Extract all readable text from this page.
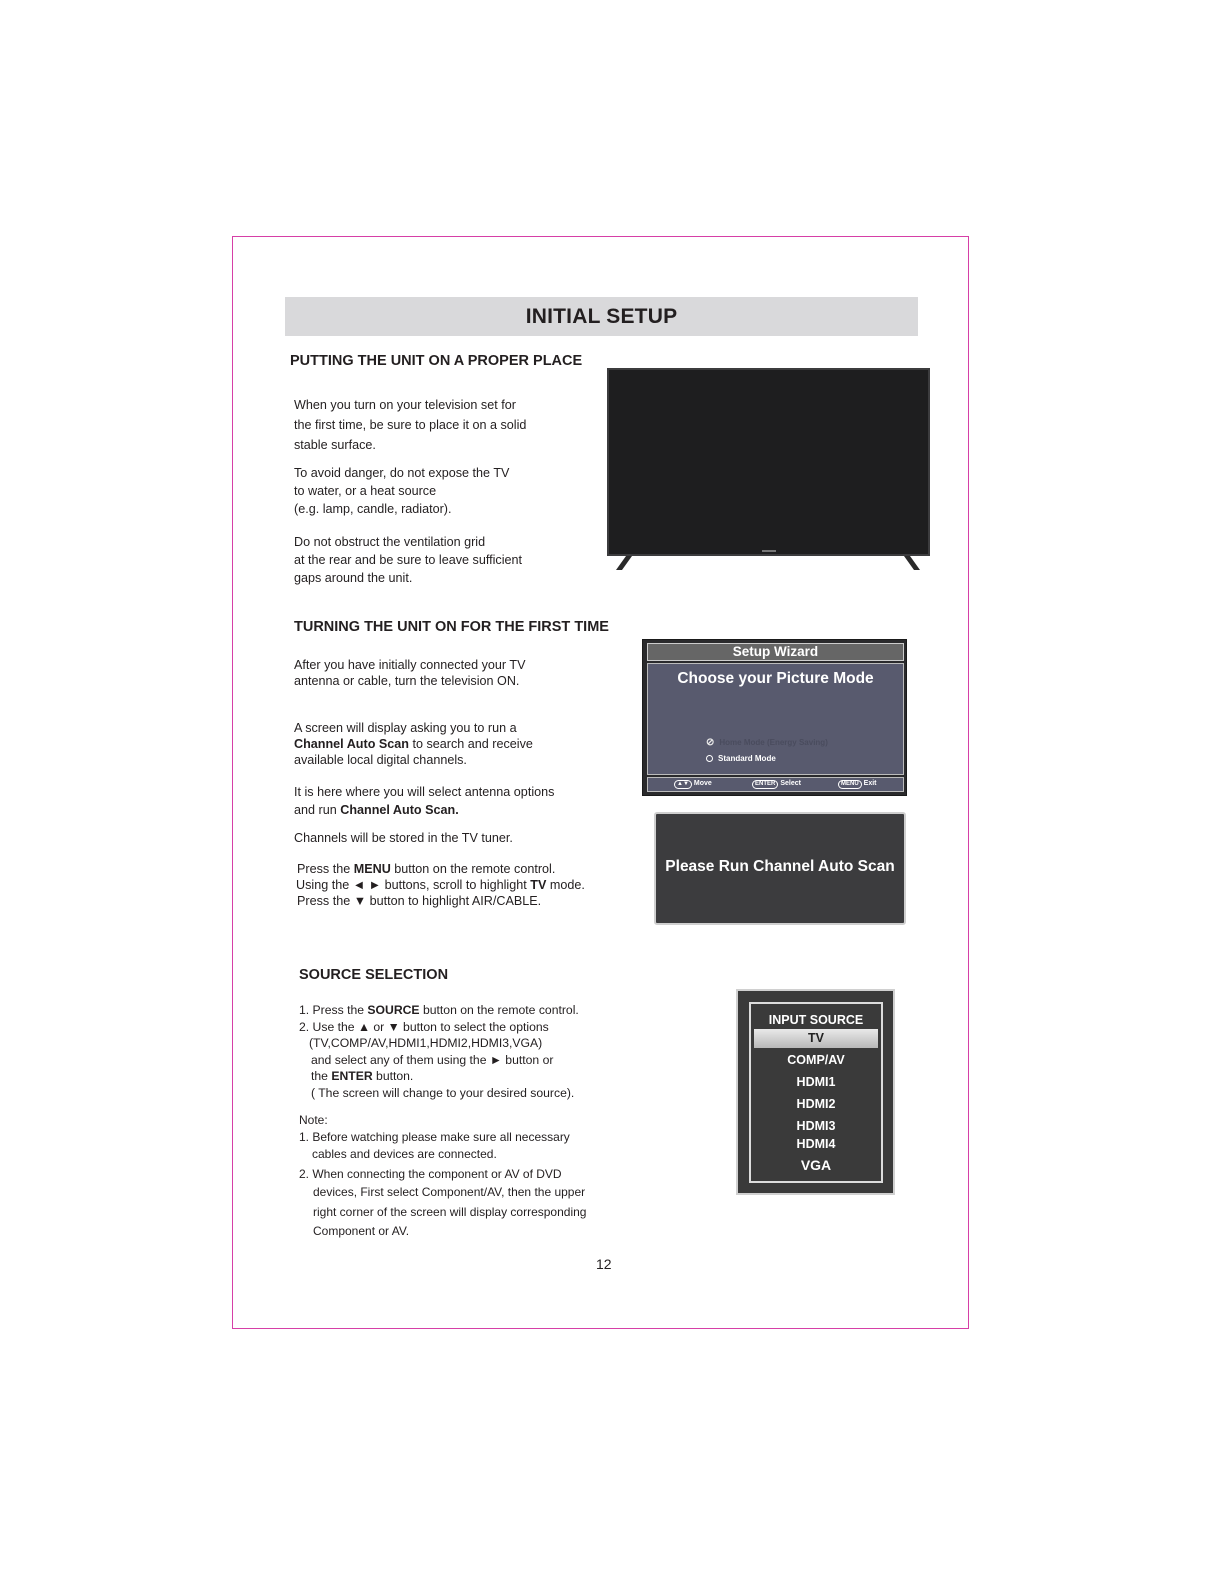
INITIAL SETUP
PUTTING THE UNIT ON A PROPER PLACE
When you turn on your television set for
the first time, be sure to place it on a solid
stable surface.
To avoid danger, do not expose the TV
to water, or a heat source
(e.g. lamp, candle, radiator).
Do not obstruct the ventilation grid
at the rear and be sure to leave sufficient
gaps around the unit.
TURNING THE UNIT ON FOR THE FIRST TIME
After you have initially connected your TV
antenna or cable, turn the television ON.
A screen will display asking you to run a
Channel Auto Scan to search and receive
available local digital channels.
It is here where you will select antenna options
and run Channel Auto Scan.
Channels will be stored in the TV tuner.
Press the MENU button on the remote control.
Using the ◄ ► buttons, scroll to highlight TV mode.
Press the ▼ button to highlight AIR/CABLE.
Setup Wizard
Choose your Picture Mode
⊘ Home Mode (Energy Saving)
Standard Mode
▲▼ Move	ENTER Select	MENU Exit
Please Run Channel Auto Scan
SOURCE SELECTION
1. Press the SOURCE button on the remote control.
2. Use the ▲ or ▼ button to select the options
(TV,COMP/AV,HDMI1,HDMI2,HDMI3,VGA)
and select any of them using the ► button or
the ENTER button.
( The screen will change to your desired source).
Note:
1. Before watching please make sure all necessary
cables and devices are connected.
2. When connecting the component or AV of DVD
devices, First select Component/AV, then the upper
right corner of the screen will display corresponding
Component or AV.
INPUT SOURCE
TV
COMP/AV
HDMI1
HDMI2
HDMI3
HDMI4
VGA
12
